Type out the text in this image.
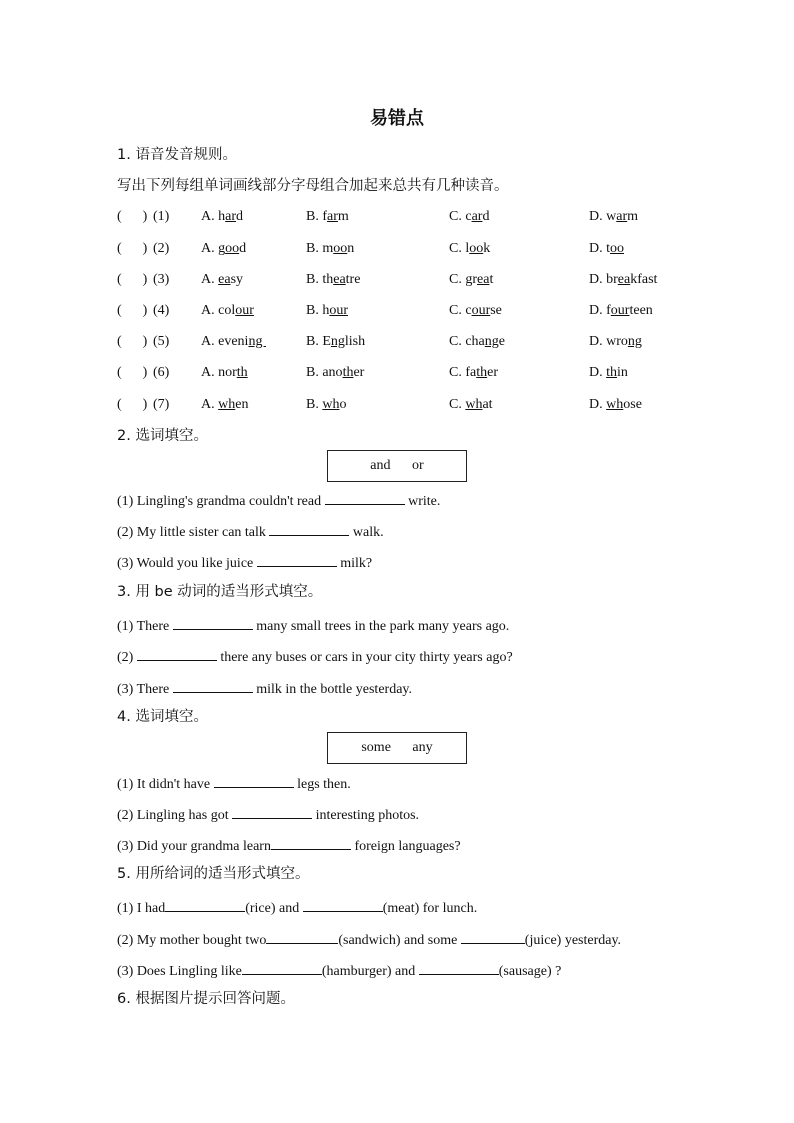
易错点
1. 语音发音规则。
写出下列每组单词画线部分字母组合加起来总共有几种读音。
(      ) (1) A. hard	B. farm	C. card	D. warm
(      ) (2) A. good	B. moon	C. look	D. too
(      ) (3) A. easy	B. theatre	C. great	D. breakfast
(      ) (4) A. colour	B. hour	C. course	D. fourteen
(      ) (5) A. evening	B. English	C. change	D. wrong
(      ) (6) A. north	B. another	C. father	D. thin
(      ) (7) A. when	B. who	C. what	D. whose
2. 选词填空。
and or
(1) Lingling's grandma couldn't read	write.
(2) My little sister can talk	walk.
(3) Would you like juice	milk?
3. 用 be 动词的适当形式填空。
(1) There	many small trees in the park many years ago.
(2)	there any buses or cars in your city thirty years ago?
(3) There	milk in the bottle yesterday.
4. 选词填空。
some any
(1) It didn't have	legs then.
(2) Lingling has got	interesting photos.
(3) Did your grandma learn	foreign languages?
5. 用所给词的适当形式填空。
(1) I had	(rice) and	(meat) for lunch.
(2) My mother bought two	(sandwich) and some	(juice) yesterday.
(3) Does Lingling like	(hamburger) and	(sausage) ?
6. 根据图片提示回答问题。
